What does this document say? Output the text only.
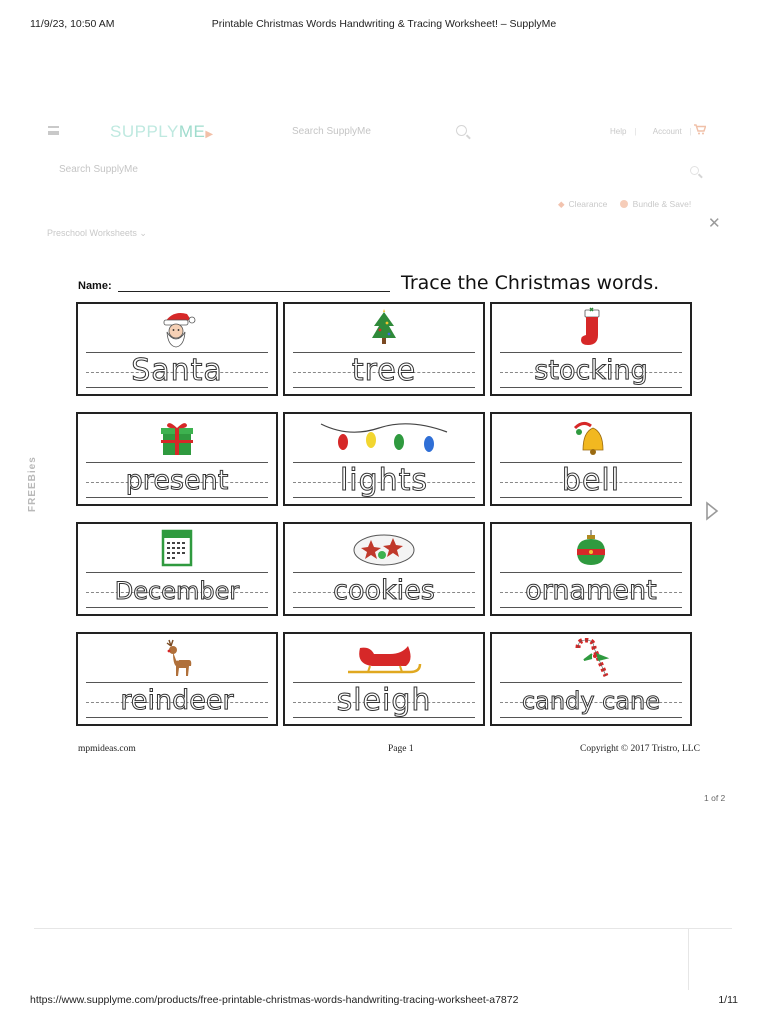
11/9/23, 10:50 AM	Printable Christmas Words Handwriting & Tracing Worksheet! – SupplyMe
SUPPLYME▶	Search SupplyMe	Help | Account |
Search SupplyMe
◆ Clearance	Bundle & Save!
✕
Preschool Worksheets ⌄
FREEBies
Name:	Trace the Christmas words.
Santa	tree	stocking
present	lights	bell
December	cookies	ornament
reindeer	sleigh	candy cane
mpmideas.com	Page 1	Copyright © 2017 Tristro, LLC
1 of 2
https://www.supplyme.com/products/free-printable-christmas-words-handwriting-tracing-worksheet-a7872	1/11
